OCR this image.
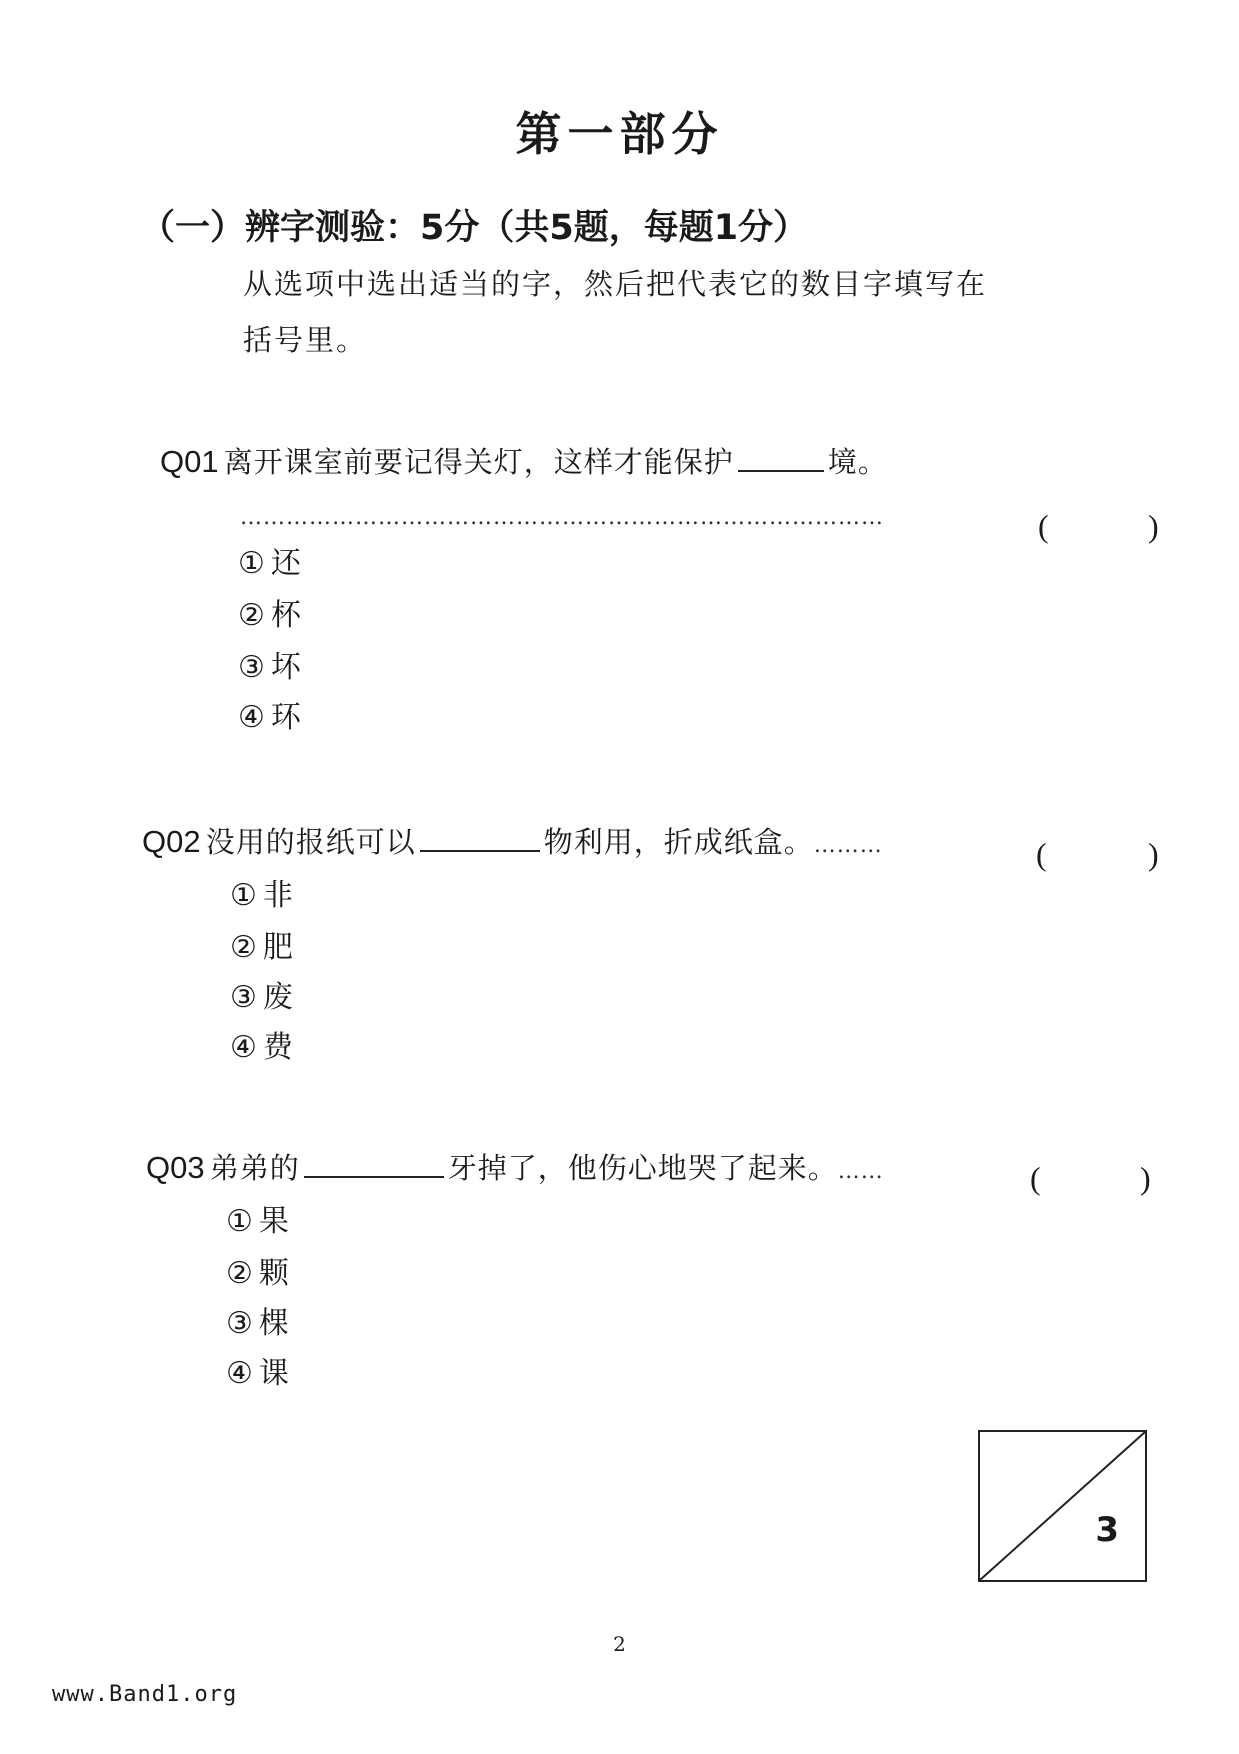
第一部分
（一）辨字测验：5分（共5题，每题1分）
从选项中选出适当的字，然后把代表它的数目字填写在
括号里。
Q01 离开课室前要记得关灯，这样才能保护	境。
…………………………………………………………………………	(	)
① 还
② 杯
③ 坏
④ 环
Q02 没用的报纸可以	物利用，折成纸盒。………	(	)
① 非
② 肥
③ 废
④ 费
Q03 弟弟的	牙掉了，他伤心地哭了起来。……	(	)
① 果
② 颗
③ 棵
④ 课
3
2
www.Band1.org
